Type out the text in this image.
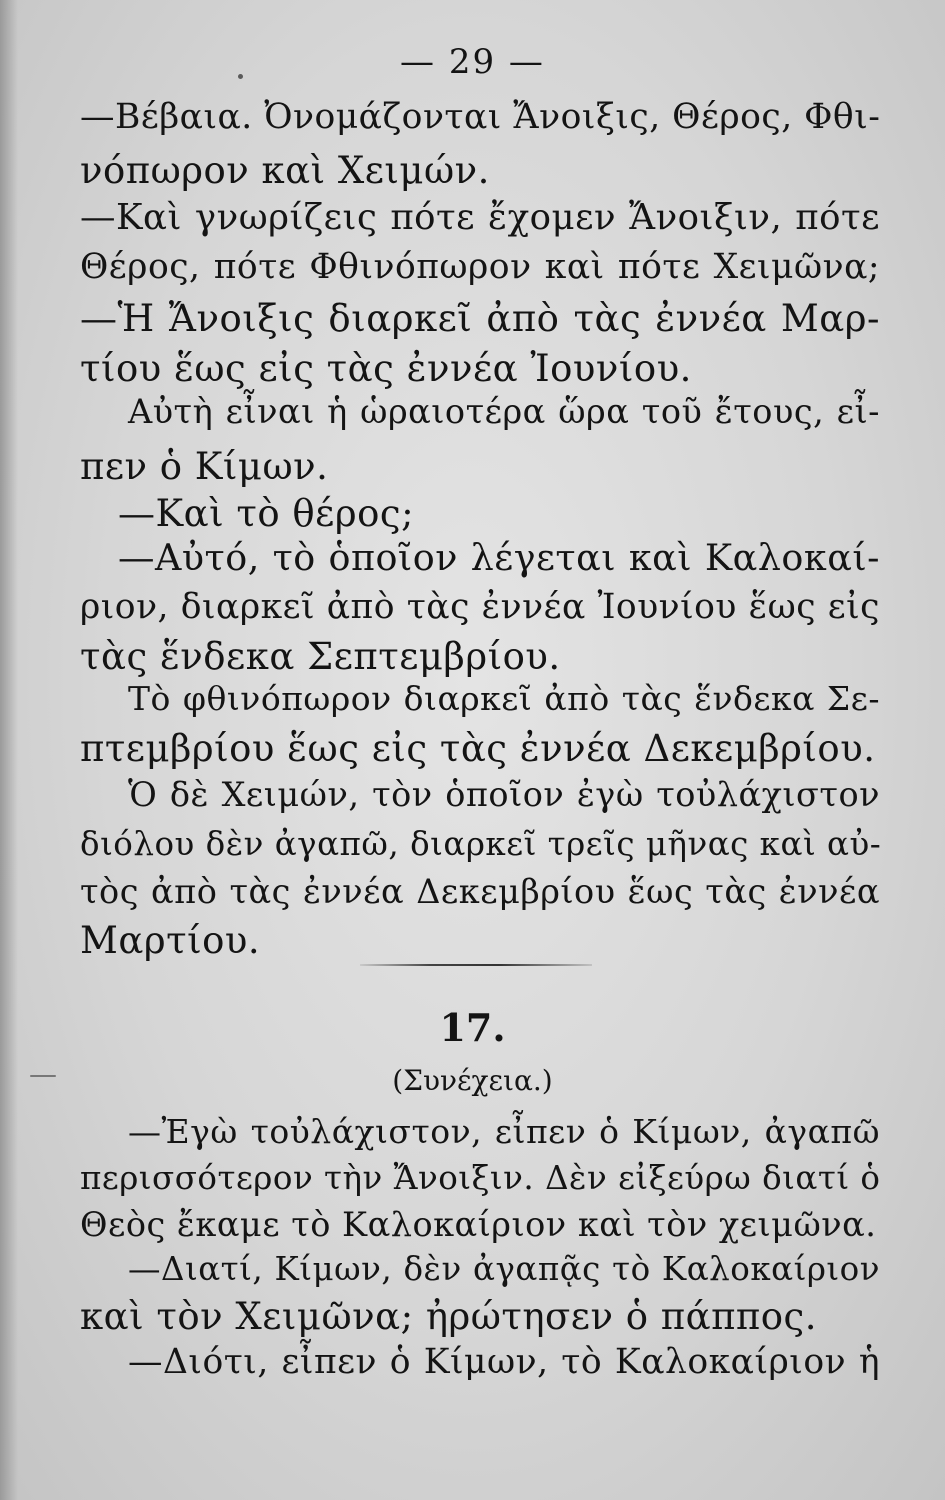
— 29 —
—Βέβαια. Ὀνομάζονται Ἄνοιξις, Θέρος, Φθι-
νόπωρον καὶ Χειμών.
—Καὶ γνωρίζεις πότε ἔχομεν Ἄνοιξιν, πότε
Θέρος, πότε Φθινόπωρον καὶ πότε Χειμῶνα;
—Ἡ Ἄνοιξις διαρκεῖ ἀπὸ τὰς ἐννέα Μαρ-
τίου ἕως εἰς τὰς ἐννέα Ἰουνίου.
Αὐτὴ εἶναι ἡ ὡραιοτέρα ὥρα τοῦ ἔτους, εἶ-
πεν ὁ Κίμων.
—Καὶ τὸ θέρος;
—Αὐτό, τὸ ὁποῖον λέγεται καὶ Καλοκαί-
ριον, διαρκεῖ ἀπὸ τὰς ἐννέα Ἰουνίου ἕως εἰς
τὰς ἕνδεκα Σεπτεμβρίου.
Τὸ φθινόπωρον διαρκεῖ ἀπὸ τὰς ἕνδεκα Σε-
πτεμβρίου ἕως εἰς τὰς ἐννέα Δεκεμβρίου.
Ὁ δὲ Χειμών, τὸν ὁποῖον ἐγὼ τοὐλάχιστον
διόλου δὲν ἀγαπῶ, διαρκεῖ τρεῖς μῆνας καὶ αὐ-
τὸς ἀπὸ τὰς ἐννέα Δεκεμβρίου ἕως τὰς ἐννέα
Μαρτίου.
17.
(Συνέχεια.)
—Ἐγὼ τοὐλάχιστον, εἶπεν ὁ Κίμων, ἀγαπῶ
περισσότερον τὴν Ἄνοιξιν. Δὲν εἰξεύρω διατί ὁ
Θεὸς ἔκαμε τὸ Καλοκαίριον καὶ τὸν χειμῶνα.
—Διατί, Κίμων, δὲν ἀγαπᾷς τὸ Καλοκαίριον
καὶ τὸν Χειμῶνα; ἠρώτησεν ὁ πάππος.
—Διότι, εἶπεν ὁ Κίμων, τὸ Καλοκαίριον ἡ
